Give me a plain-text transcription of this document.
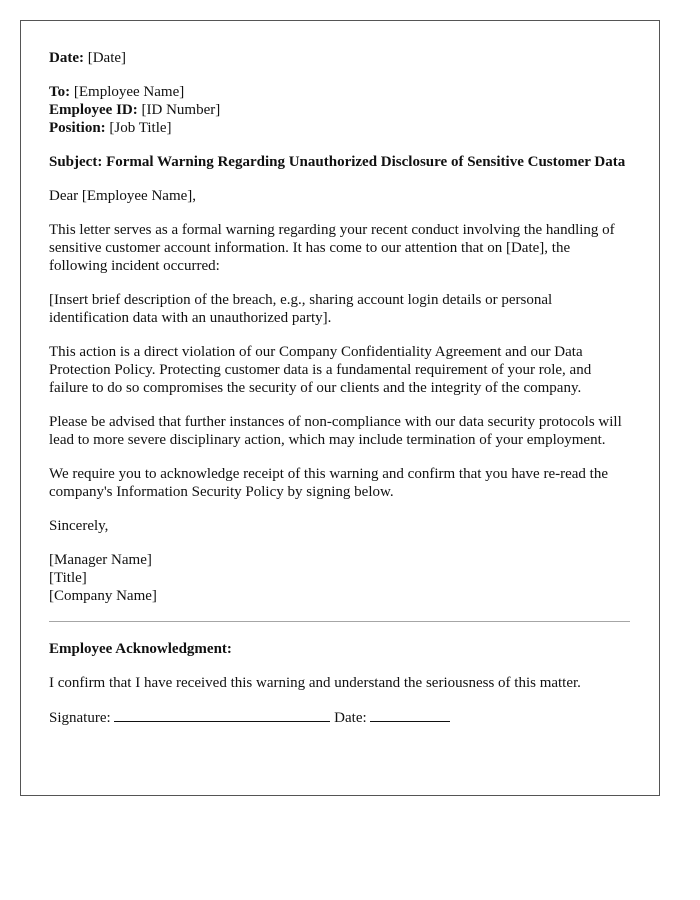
Date: [Date]

To: [Employee Name]
Employee ID: [ID Number]
Position: [Job Title]

Subject: Formal Warning Regarding Unauthorized Disclosure of Sensitive Customer Data

Dear [Employee Name],

This letter serves as a formal warning regarding your recent conduct involving the handling of sensitive customer account information. It has come to our attention that on [Date], the following incident occurred:

[Insert brief description of the breach, e.g., sharing account login details or personal identification data with an unauthorized party].

This action is a direct violation of our Company Confidentiality Agreement and our Data Protection Policy. Protecting customer data is a fundamental requirement of your role, and failure to do so compromises the security of our clients and the integrity of the company.

Please be advised that further instances of non-compliance with our data security protocols will lead to more severe disciplinary action, which may include termination of your employment.

We require you to acknowledge receipt of this warning and confirm that you have re-read the company's Information Security Policy by signing below.

Sincerely,

[Manager Name]
[Title]
[Company Name]

Employee Acknowledgment:

I confirm that I have received this warning and understand the seriousness of this matter.

Signature:	Date:
